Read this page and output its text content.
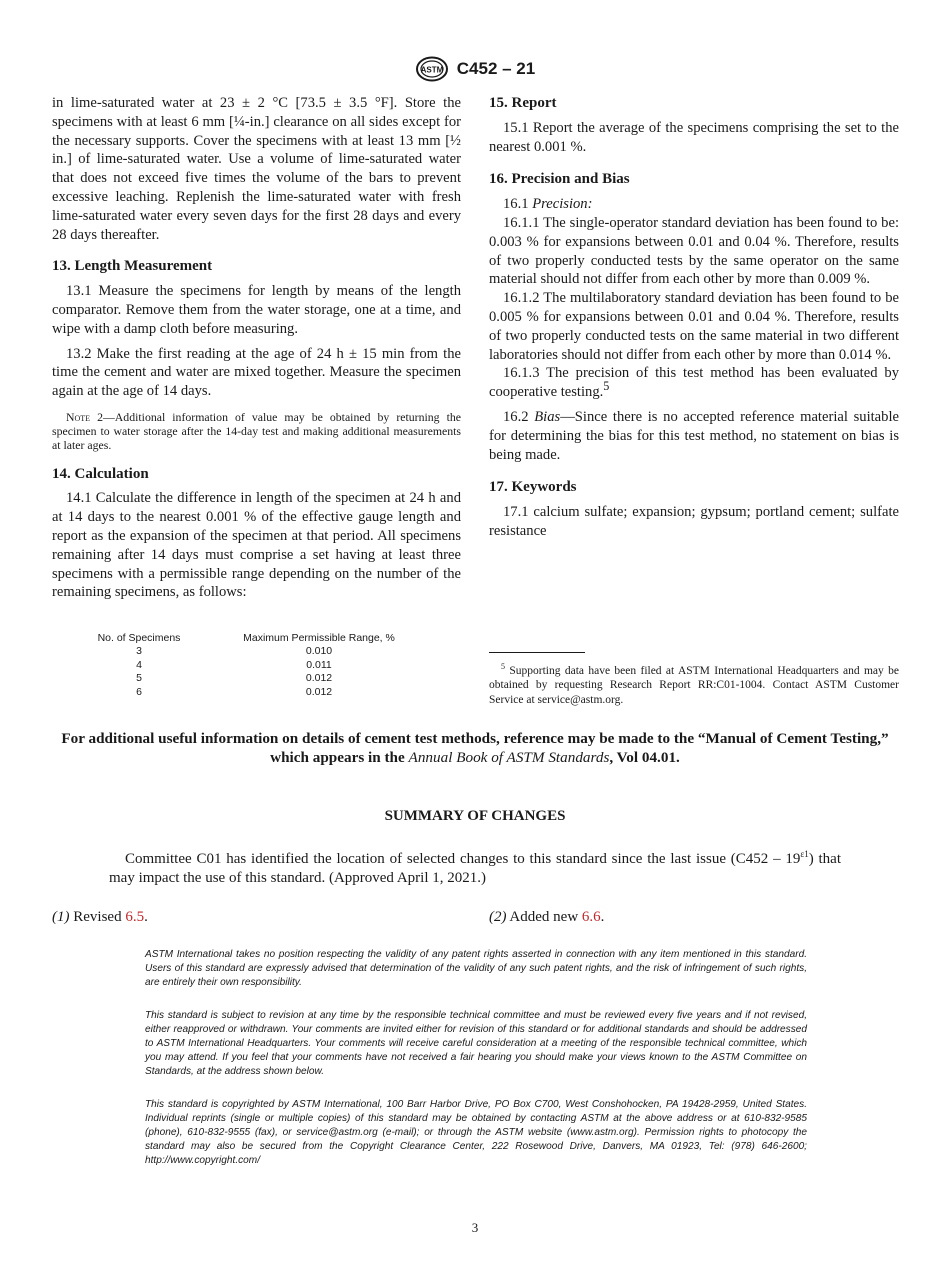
ASTM C452 – 21

in lime-saturated water at 23 ± 2 °C [73.5 ± 3.5 °F]. Store the specimens with at least 6 mm [¼-in.] clearance on all sides except for the necessary supports. Cover the specimens with at least 13 mm [½ in.] of lime-saturated water. Use a volume of lime-saturated water that does not exceed five times the volume of the bars to prevent excessive leaching. Replenish the lime-saturated water with fresh lime-saturated water every seven days for the first 28 days and every 28 days thereafter.

13. Length Measurement

13.1 Measure the specimens for length by means of the length comparator. Remove them from the water storage, one at a time, and wipe with a damp cloth before measuring.

13.2 Make the first reading at the age of 24 h ± 15 min from the time the cement and water are mixed together. Measure the specimen again at the age of 14 days.

Note 2—Additional information of value may be obtained by returning the specimen to water storage after the 14-day test and making additional measurements at later ages.

14. Calculation

14.1 Calculate the difference in length of the specimen at 24 h and at 14 days to the nearest 0.001 % of the effective gauge length and report as the expansion of the specimen at that period. All specimens remaining after 14 days must comprise a set having at least three specimens with a permissible range depending on the number of the remaining specimens, as follows:

No. of Specimens	Maximum Permissible Range, %
3	0.010
4	0.011
5	0.012
6	0.012

15. Report

15.1 Report the average of the specimens comprising the set to the nearest 0.001 %.

16. Precision and Bias

16.1 Precision:

16.1.1 The single-operator standard deviation has been found to be: 0.003 % for expansions between 0.01 and 0.04 %. Therefore, results of two properly conducted tests by the same operator on the same material should not differ from each other by more than 0.009 %.

16.1.2 The multilaboratory standard deviation has been found to be 0.005 % for expansions between 0.01 and 0.04 %. Therefore, results of two properly conducted tests on the same material in two different laboratories should not differ from each other by more than 0.014 %.

16.1.3 The precision of this test method has been evaluated by cooperative testing.$^5$

16.2 Bias—Since there is no accepted reference material suitable for determining the bias for this test method, no statement on bias is being made.

17. Keywords

17.1 calcium sulfate; expansion; gypsum; portland cement; sulfate resistance

$^5$ Supporting data have been filed at ASTM International Headquarters and may be obtained by requesting Research Report RR:C01-1004. Contact ASTM Customer Service at service@astm.org.
For additional useful information on details of cement test methods, reference may be made to the “Manual of Cement Testing,” which appears in the Annual Book of ASTM Standards, Vol 04.01.
SUMMARY OF CHANGES
Committee C01 has identified the location of selected changes to this standard since the last issue $(C452 - 19^{\varepsilon 1})$ that may impact the use of this standard. (Approved April 1, 2021.)
(1) Revised 6.5.	(2) Added new 6.6.
ASTM International takes no position respecting the validity of any patent rights asserted in connection with any item mentioned in this standard. Users of this standard are expressly advised that determination of the validity of any such patent rights, and the risk of infringement of such rights, are entirely their own responsibility.
This standard is subject to revision at any time by the responsible technical committee and must be reviewed every five years and if not revised, either reapproved or withdrawn. Your comments are invited either for revision of this standard or for additional standards and should be addressed to ASTM International Headquarters. Your comments will receive careful consideration at a meeting of the responsible technical committee, which you may attend. If you feel that your comments have not received a fair hearing you should make your views known to the ASTM Committee on Standards, at the address shown below.
This standard is copyrighted by ASTM International, 100 Barr Harbor Drive, PO Box C700, West Conshohocken, PA 19428-2959, United States. Individual reprints (single or multiple copies) of this standard may be obtained by contacting ASTM at the above address or at 610-832-9585 (phone), 610-832-9555 (fax), or service@astm.org (e-mail); or through the ASTM website (www.astm.org). Permission rights to photocopy the standard may also be secured from the Copyright Clearance Center, 222 Rosewood Drive, Danvers, MA 01923, Tel: (978) 646-2600; http://www.copyright.com/
3
